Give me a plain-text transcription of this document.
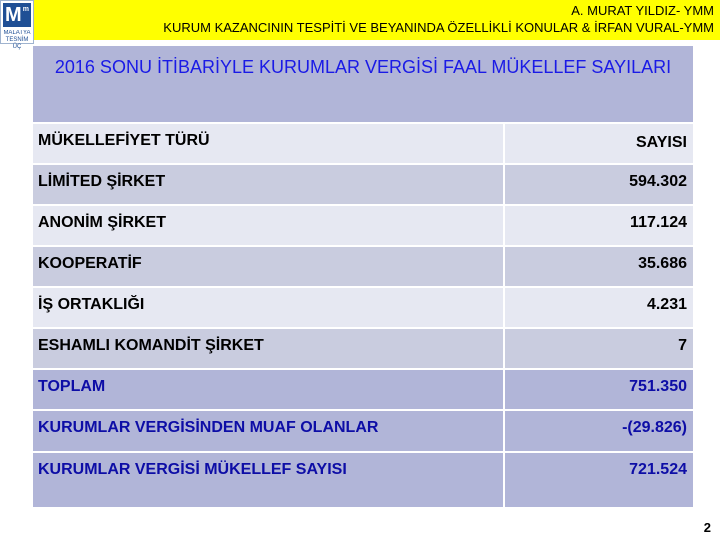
$M^m$
MALATYA TESNİM ÜÇ
A. MURAT YILDIZ- YMM
KURUM KAZANCININ TESPİTİ VE BEYANINDA ÖZELLİKLİ KONULAR & İRFAN VURAL-YMM
2016 SONU İTİBARİYLE KURUMLAR VERGİSİ FAAL MÜKELLEF SAYILARI
MÜKELLEFİYET TÜRÜ	SAYISI
LİMİTED ŞİRKET	594.302
ANONİM ŞİRKET	117.124
KOOPERATİF	35.686
İŞ ORTAKLIĞI	4.231
ESHAMLI KOMANDİT ŞİRKET	7
TOPLAM	751.350
KURUMLAR VERGİSİNDEN MUAF OLANLAR	-(29.826)
KURUMLAR VERGİSİ MÜKELLEF SAYISI	721.524
2
